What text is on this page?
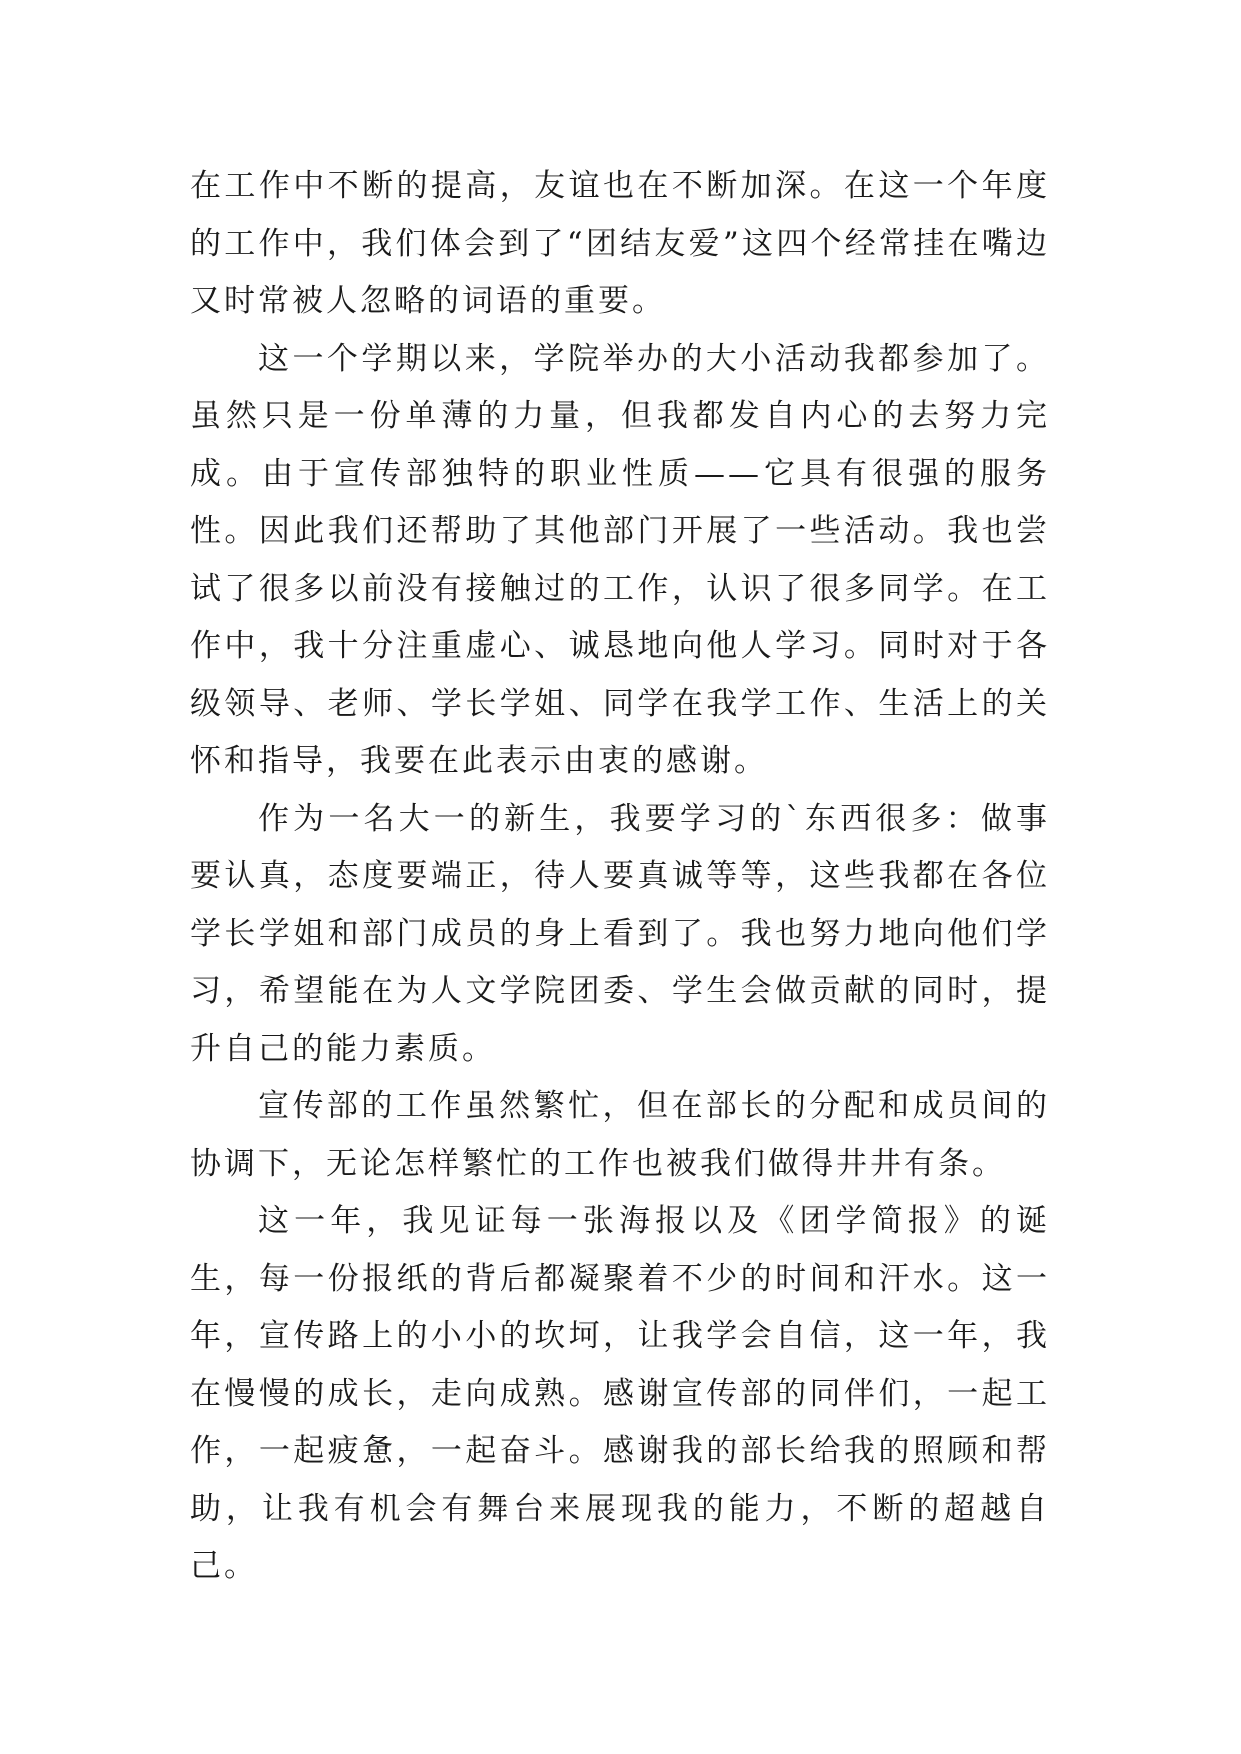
在工作中不断的提高，友谊也在不断加深。在这一个年度的工作中，我们体会到了“团结友爱”这四个经常挂在嘴边又时常被人忽略的词语的重要。

这一个学期以来，学院举办的大小活动我都参加了。虽然只是一份单薄的力量，但我都发自内心的去努力完成。由于宣传部独特的职业性质——它具有很强的服务性。因此我们还帮助了其他部门开展了一些活动。我也尝试了很多以前没有接触过的工作，认识了很多同学。在工作中，我十分注重虚心、诚恳地向他人学习。同时对于各级领导、老师、学长学姐、同学在我学工作、生活上的关怀和指导，我要在此表示由衷的感谢。

作为一名大一的新生，我要学习的`东西很多：做事要认真，态度要端正，待人要真诚等等，这些我都在各位学长学姐和部门成员的身上看到了。我也努力地向他们学习，希望能在为人文学院团委、学生会做贡献的同时，提升自己的能力素质。

宣传部的工作虽然繁忙，但在部长的分配和成员间的协调下，无论怎样繁忙的工作也被我们做得井井有条。

这一年，我见证每一张海报以及《团学简报》的诞生，每一份报纸的背后都凝聚着不少的时间和汗水。这一年，宣传路上的小小的坎坷，让我学会自信，这一年，我在慢慢的成长，走向成熟。感谢宣传部的同伴们，一起工作，一起疲惫，一起奋斗。感谢我的部长给我的照顾和帮助，让我有机会有舞台来展现我的能力，不断的超越自己。
